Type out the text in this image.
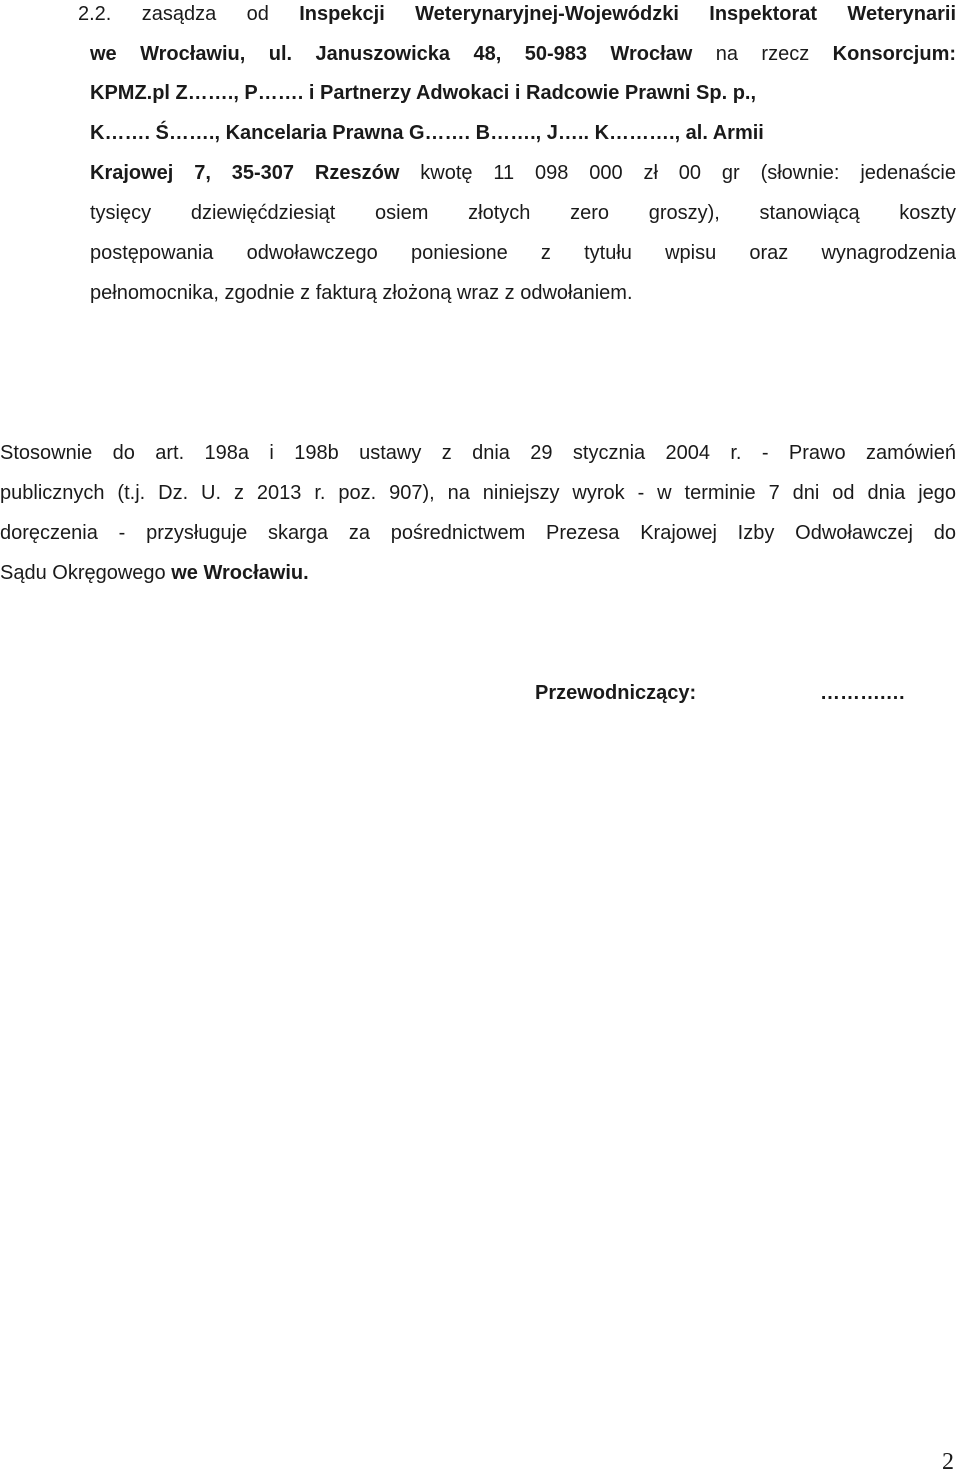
2.2. zasądza od Inspekcji Weterynaryjnej-Wojewódzki Inspektorat Weterynarii
we Wrocławiu, ul. Januszowicka 48, 50-983 Wrocław na rzecz Konsorcjum:
KPMZ.pl Z……., P……. i Partnerzy Adwokaci i Radcowie Prawni Sp. p.,
K……. Ś……., Kancelaria Prawna G……. B……., J….. K………., al. Armii
Krajowej 7, 35-307 Rzeszów kwotę 11 098 000 zł 00 gr (słownie: jedenaście
tysięcy dziewięćdziesiąt osiem złotych zero groszy), stanowiącą koszty
postępowania odwoławczego poniesione z tytułu wpisu oraz wynagrodzenia
pełnomocnika, zgodnie z fakturą złożoną wraz z odwołaniem.
Stosownie do art. 198a i 198b ustawy z dnia 29 stycznia 2004 r. - Prawo zamówień
publicznych (t.j. Dz. U. z 2013 r. poz. 907), na niniejszy wyrok - w terminie 7 dni od dnia jego
doręczenia - przysługuje skarga za pośrednictwem Prezesa Krajowej Izby Odwoławczej do
Sądu Okręgowego we Wrocławiu.
Przewodniczący:	……….…
2
